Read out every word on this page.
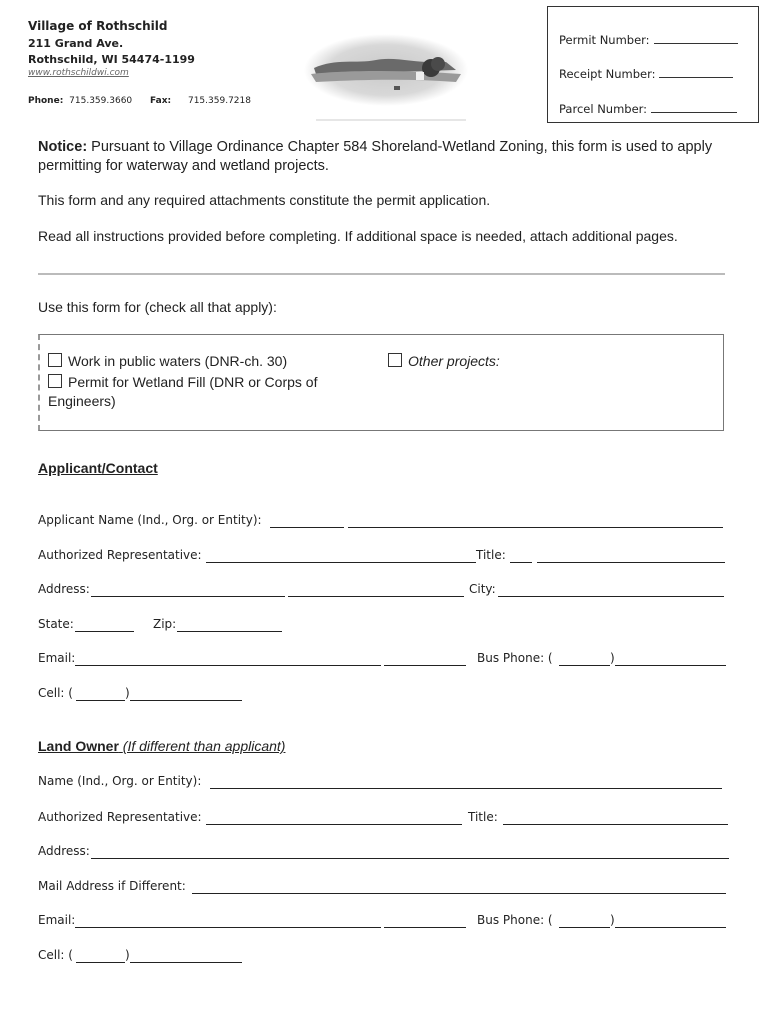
Village of Rothschild
211 Grand Ave.
Rothschild, WI 54474-1199
www.rothschildwi.com
Phone: 715.359.3660 Fax: 715.359.7218
Permit Number:
Receipt Number:
Parcel Number:

Notice: Pursuant to Village Ordinance Chapter 584 Shoreland-Wetland Zoning, this form is used to apply permitting for waterway and wetland projects.

This form and any required attachments constitute the permit application.

Read all instructions provided before completing. If additional space is needed, attach additional pages.

Use this form for (check all that apply):

Work in public waters (DNR-ch. 30)
Permit for Wetland Fill (DNR or Corps of Engineers)
Other projects:
Applicant/Contact
Applicant Name (Ind., Org. or Entity):
Authorized Representative:	Title:
Address:	City:
State:	Zip:
Email:	Bus Phone: (	)
Cell: (	)
Land Owner (If different than applicant)
Name (Ind., Org. or Entity):
Authorized Representative:	Title:
Address:
Mail Address if Different:
Email:	Bus Phone: (	)
Cell: (	)
